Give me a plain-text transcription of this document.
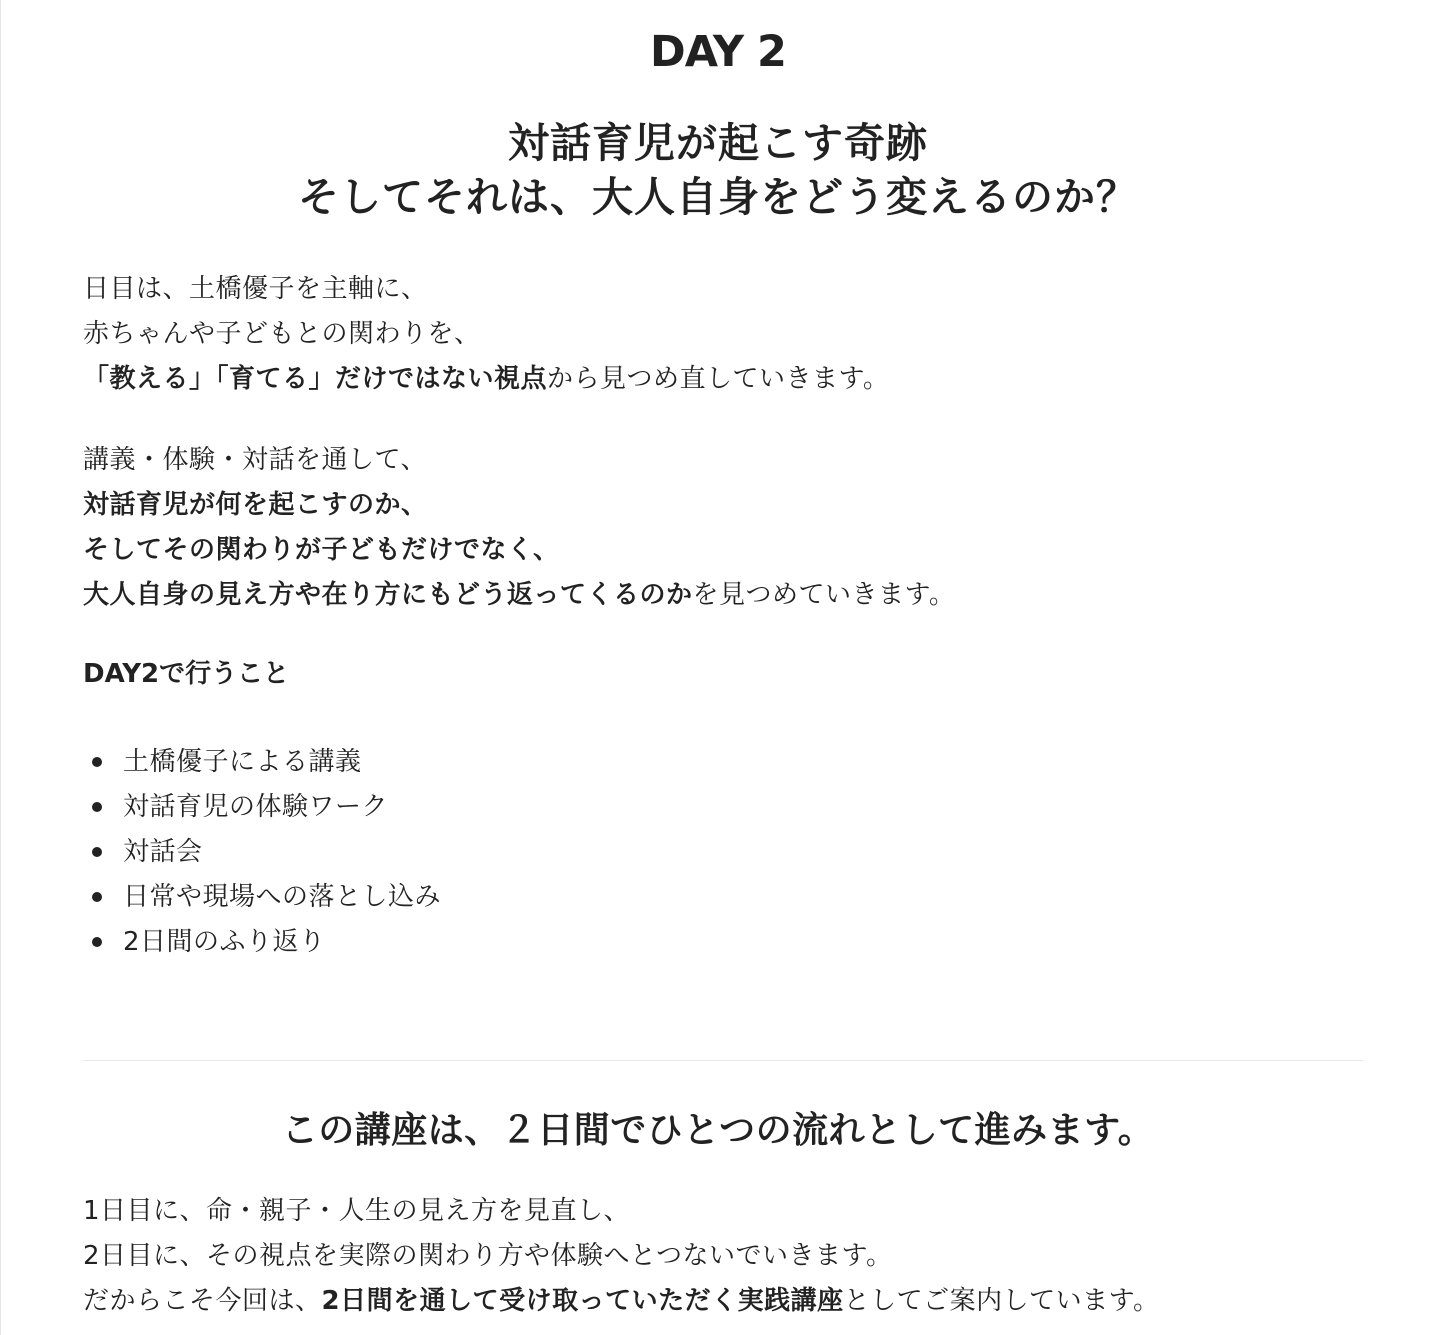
DAY 2
対話育児が起こす奇跡
そしてそれは、大人自身をどう変えるのか？

日目は、土橋優子を主軸に、
赤ちゃんや子どもとの関わりを、
「教える」「育てる」だけではない視点から見つめ直していきます。

講義・体験・対話を通して、
対話育児が何を起こすのか、
そしてその関わりが子どもだけでなく、
大人自身の見え方や在り方にもどう返ってくるのかを見つめていきます。

DAY2で行うこと

土橋優子による講義
対話育児の体験ワーク
対話会
日常や現場への落とし込み
2日間のふり返り
この講座は、２日間でひとつの流れとして進みます。

1日目に、命・親子・人生の見え方を見直し、
2日目に、その視点を実際の関わり方や体験へとつないでいきます。
だからこそ今回は、2日間を通して受け取っていただく実践講座としてご案内しています。
